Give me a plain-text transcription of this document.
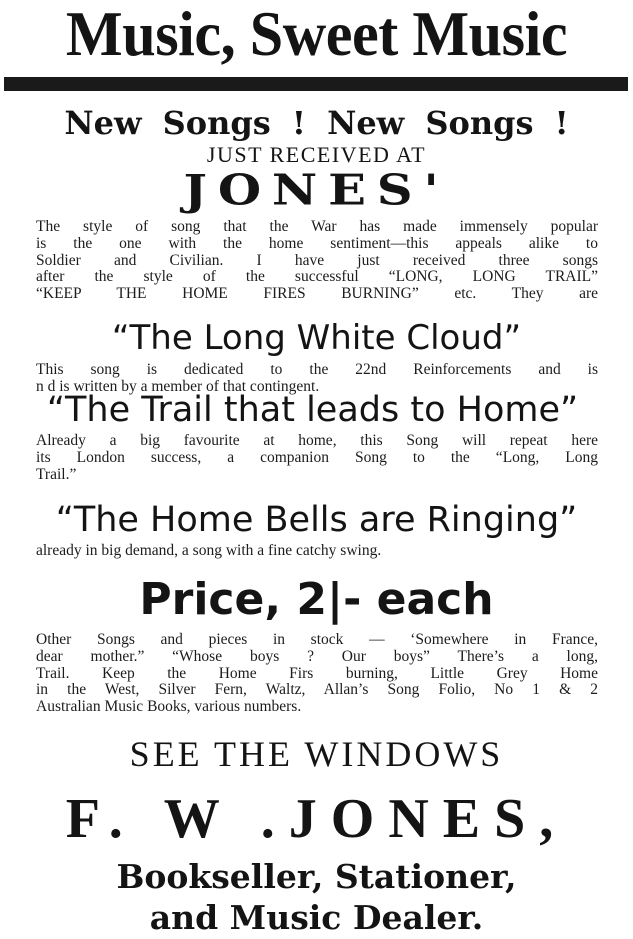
Music, Sweet Music
New Songs ! New Songs !
JUST RECEIVED AT
JONES'
The style of song that the War has made immensely popular
is the one with the home sentiment—this appeals alike to
Soldier and Civilian. I have just received three songs
after the style of the successful “LONG, LONG TRAIL”
“KEEP THE HOME FIRES BURNING” etc. They are
“The Long White Cloud”
This song is dedicated to the 22nd Reinforcements and is
n d is written by a member of that contingent.
“The Trail that leads to Home”
Already a big favourite at home, this Song will repeat here
its London success, a companion Song to the “Long, Long
Trail.”
“The Home Bells are Ringing”
already in big demand, a song with a fine catchy swing.
Price, 2|- each
Other Songs and pieces in stock — ‘Somewhere in France,
dear mother.” “Whose boys ? Our boys” There’s a long,
Trail. Keep the Home Firs burning, Little Grey Home
in the West, Silver Fern, Waltz, Allan’s Song Folio, No 1 & 2
Australian Music Books, various numbers.
SEE THE WINDOWS
F. W .JONES,
Bookseller, Stationer,
and Music Dealer.
